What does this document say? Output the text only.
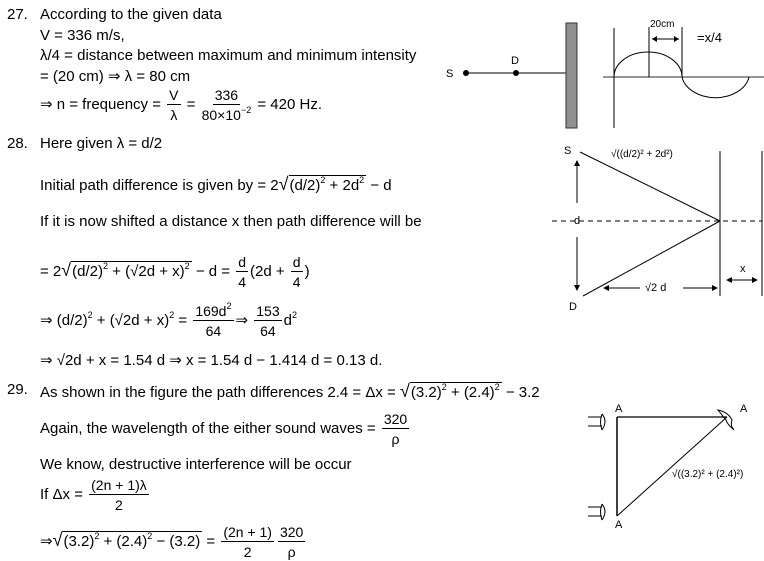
27. According to the given data
V = 336 m/s,
λ/4 = distance between maximum and minimum intensity
= (20 cm) ⇒ λ = 80 cm
⇒ n = frequency = $\frac{V}{\lambda} = \frac{336}{80\times 10^{-2}} = 420$ Hz.
S
D
20cm
=x/4
28. Here given λ = d/2
Initial path difference is given by = $2√(d/2)^2 + 2d^2 - d$
If it is now shifted a distance x then path difference will be
= $2√(d/2)^2 + (√2d + x)^2 - d = \frac{d}{4} (2d + \frac{d}{4}$ )
⇒ $(d/2)^2 + (√2d + x)^2 = \frac{169d^2}{64}$ ⇒ $\frac{153}{64} d^2$
⇒ √2d + x = 1.54 d ⇒ x = 1.54 d − 1.414 d = 0.13 d.
S
D
d
√((d/2)² + 2d²)
√2 d
x
29. As shown in the figure the path differences $2.4 = \Delta x = √(3.2)^2 + (2.4)^2 - 3.2$
Again, the wavelength of the either sound waves = $\frac{320}{\rho}$
We know, destructive interference will be occur
If $\Delta x = \frac{(2n + 1)\lambda}{2}$
$\Rightarrow√(3.2)^2 + (2.4)^2 - (3.2) = \frac{(2n + 1)}{2} \frac{320}{\rho}$
A	A
A
√((3.2)² + (2.4)²)
